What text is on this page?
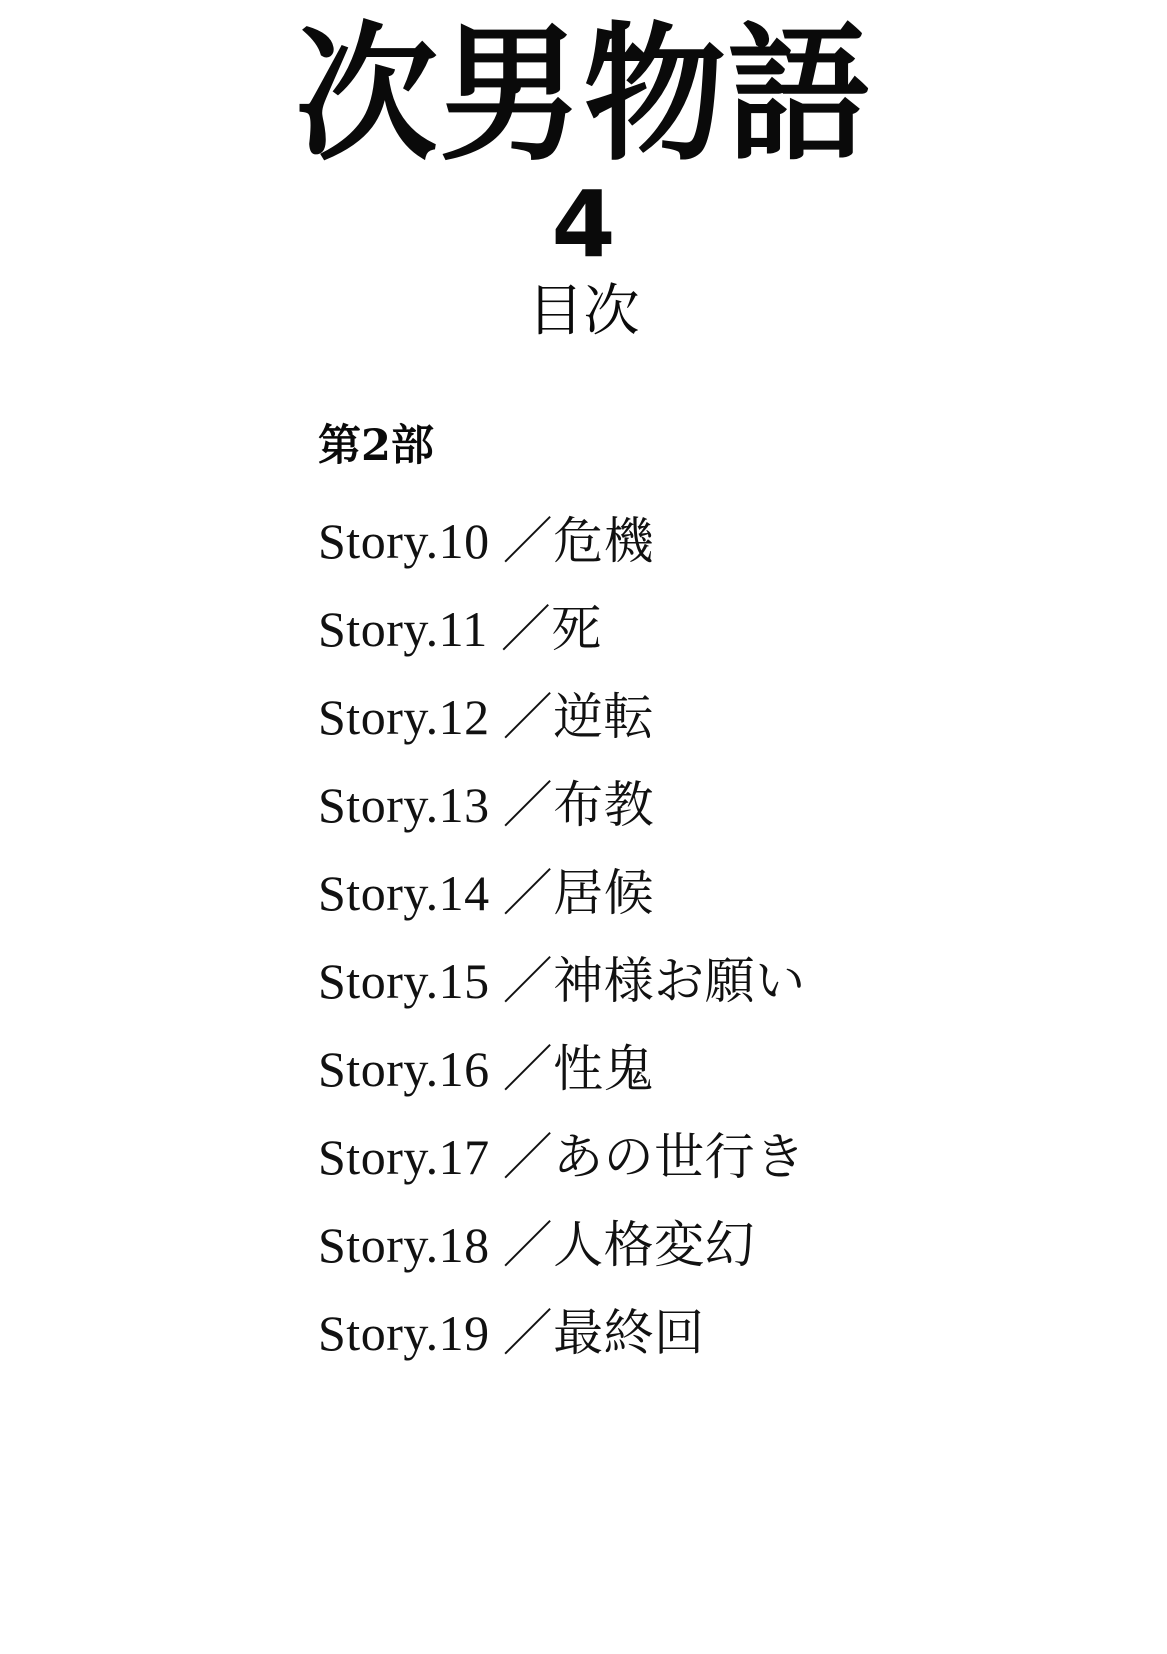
次男物語
4
目次
第2部
Story.10 ／危機
Story.11 ／死
Story.12 ／逆転
Story.13 ／布教
Story.14 ／居候
Story.15 ／神様お願い
Story.16 ／性鬼
Story.17 ／あの世行き
Story.18 ／人格変幻
Story.19 ／最終回
